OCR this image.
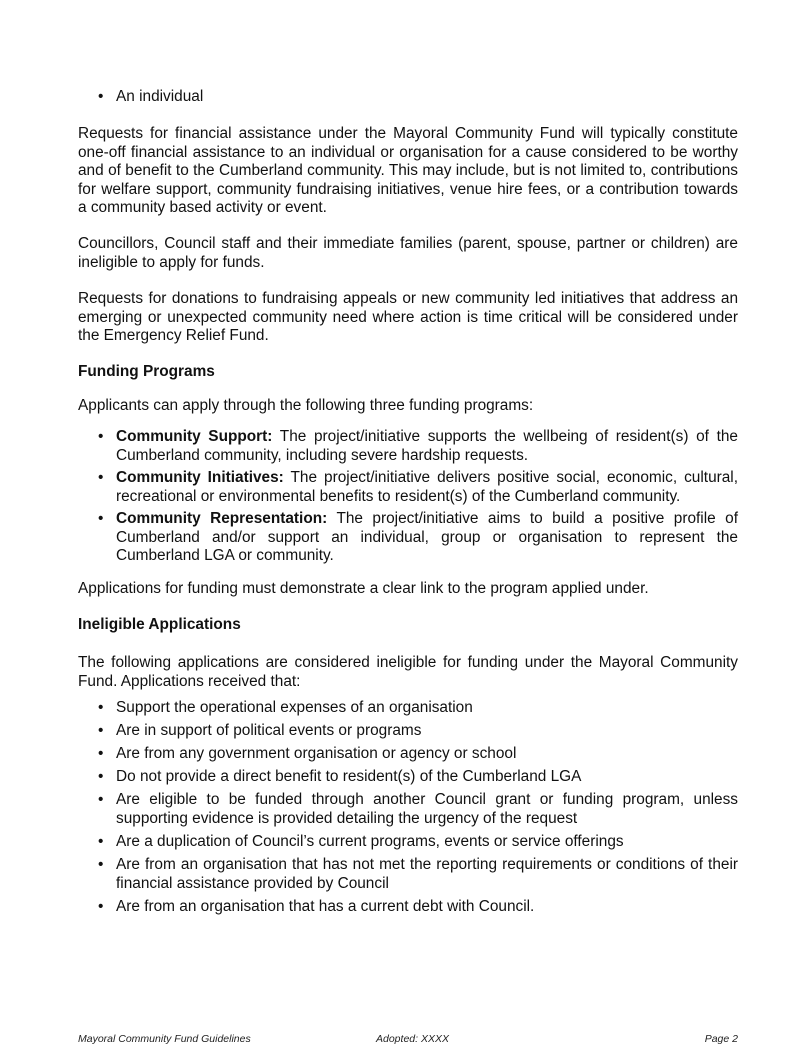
• An individual

Requests for financial assistance under the Mayoral Community Fund will typically constitute one-off financial assistance to an individual or organisation for a cause considered to be worthy and of benefit to the Cumberland community. This may include, but is not limited to, contributions for welfare support, community fundraising initiatives, venue hire fees, or a contribution towards a community based activity or event.

Councillors, Council staff and their immediate families (parent, spouse, partner or children) are ineligible to apply for funds.

Requests for donations to fundraising appeals or new community led initiatives that address an emerging or unexpected community need where action is time critical will be considered under the Emergency Relief Fund.

Funding Programs

Applicants can apply through the following three funding programs:

• Community Support: The project/initiative supports the wellbeing of resident(s) of the Cumberland community, including severe hardship requests.
• Community Initiatives: The project/initiative delivers positive social, economic, cultural, recreational or environmental benefits to resident(s) of the Cumberland community.
• Community Representation: The project/initiative aims to build a positive profile of Cumberland and/or support an individual, group or organisation to represent the Cumberland LGA or community.

Applications for funding must demonstrate a clear link to the program applied under.

Ineligible Applications

The following applications are considered ineligible for funding under the Mayoral Community Fund. Applications received that:

• Support the operational expenses of an organisation
• Are in support of political events or programs
• Are from any government organisation or agency or school
• Do not provide a direct benefit to resident(s) of the Cumberland LGA
• Are eligible to be funded through another Council grant or funding program, unless supporting evidence is provided detailing the urgency of the request
• Are a duplication of Council’s current programs, events or service offerings
• Are from an organisation that has not met the reporting requirements or conditions of their financial assistance provided by Council
• Are from an organisation that has a current debt with Council.
Mayoral Community Fund Guidelines	Adopted: XXXX	Page 2
